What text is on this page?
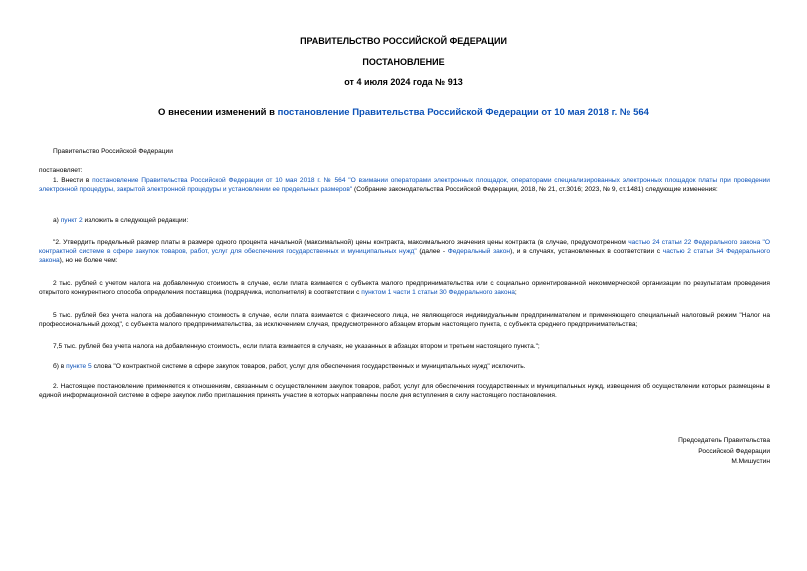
ПРАВИТЕЛЬСТВО РОССИЙСКОЙ ФЕДЕРАЦИИ
ПОСТАНОВЛЕНИЕ
от 4 июля 2024 года № 913
О внесении изменений в постановление Правительства Российской Федерации от 10 мая 2018 г. № 564

Правительство Российской Федерации

постановляет:

1. Внести в постановление Правительства Российской Федерации от 10 мая 2018 г. № 564 "О взимании операторами электронных площадок, операторами специализированных электронных площадок платы при проведении электронной процедуры, закрытой электронной процедуры и установлении ее предельных размеров" (Собрание законодательства Российской Федерации, 2018, № 21, ст.3016; 2023, № 9, ст.1481) следующие изменения:

а) пункт 2 изложить в следующей редакции:

"2. Утвердить предельный размер платы в размере одного процента начальной (максимальной) цены контракта, максимального значения цены контракта (в случае, предусмотренном частью 24 статьи 22 Федерального закона "О контрактной системе в сфере закупок товаров, работ, услуг для обеспечения государственных и муниципальных нужд" (далее - Федеральный закон), и в случаях, установленных в соответствии с частью 2 статьи 34 Федерального закона), но не более чем:

2 тыс. рублей с учетом налога на добавленную стоимость в случае, если плата взимается с субъекта малого предпринимательства или с социально ориентированной некоммерческой организации по результатам проведения открытого конкурентного способа определения поставщика (подрядчика, исполнителя) в соответствии с пунктом 1 части 1 статьи 30 Федерального закона;

5 тыс. рублей без учета налога на добавленную стоимость в случае, если плата взимается с физического лица, не являющегося индивидуальным предпринимателем и применяющего специальный налоговый режим "Налог на профессиональный доход", с субъекта малого предпринимательства, за исключением случая, предусмотренного абзацем вторым настоящего пункта, с субъекта среднего предпринимательства;

7,5 тыс. рублей без учета налога на добавленную стоимость, если плата взимается в случаях, не указанных в абзацах втором и третьем настоящего пункта.";

б) в пункте 5 слова "О контрактной системе в сфере закупок товаров, работ, услуг для обеспечения государственных и муниципальных нужд" исключить.

2. Настоящее постановление применяется к отношениям, связанным с осуществлением закупок товаров, работ, услуг для обеспечения государственных и муниципальных нужд, извещения об осуществлении которых размещены в единой информационной системе в сфере закупок либо приглашения принять участие в которых направлены после дня вступления в силу настоящего постановления.

Председатель Правительства
Российской Федерации
М.Мишустин
